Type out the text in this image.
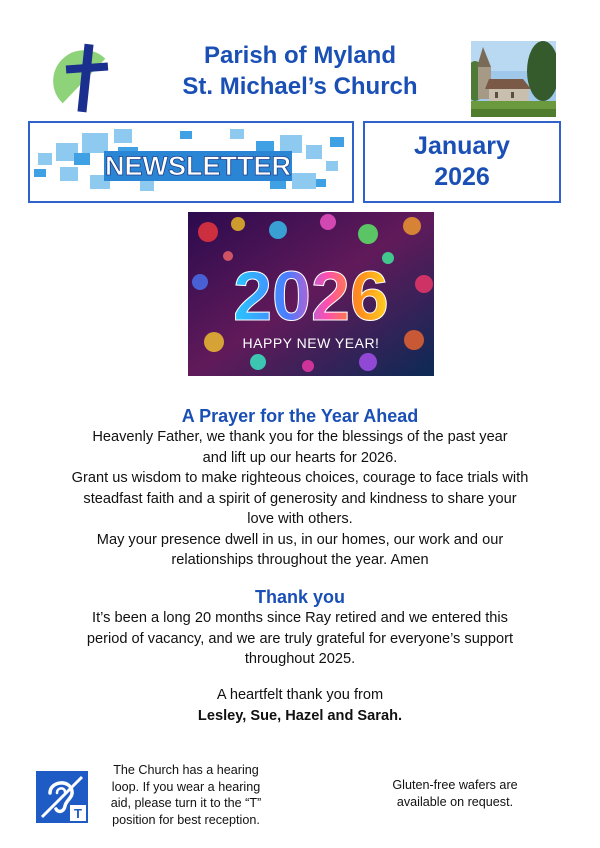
Parish of Myland
St. Michael’s Church
NEWSLETTER
January
2026
2026
HAPPY NEW YEAR!
A Prayer for the Year Ahead
Heavenly Father, we thank you for the blessings of the past year
and lift up our hearts for 2026.
Grant us wisdom to make righteous choices, courage to face trials with
steadfast faith and a spirit of generosity and kindness to share your
love with others.
May your presence dwell in us, in our homes, our work and our
relationships throughout the year. Amen
Thank you
It’s been a long 20 months since Ray retired and we entered this
period of vacancy, and we are truly grateful for everyone’s support
throughout 2025.
A heartfelt thank you from
Lesley, Sue, Hazel and Sarah.
T
The Church has a hearing
loop. If you wear a hearing
aid, please turn it to the “T”
position for best reception.
Gluten-free wafers are
available on request.
